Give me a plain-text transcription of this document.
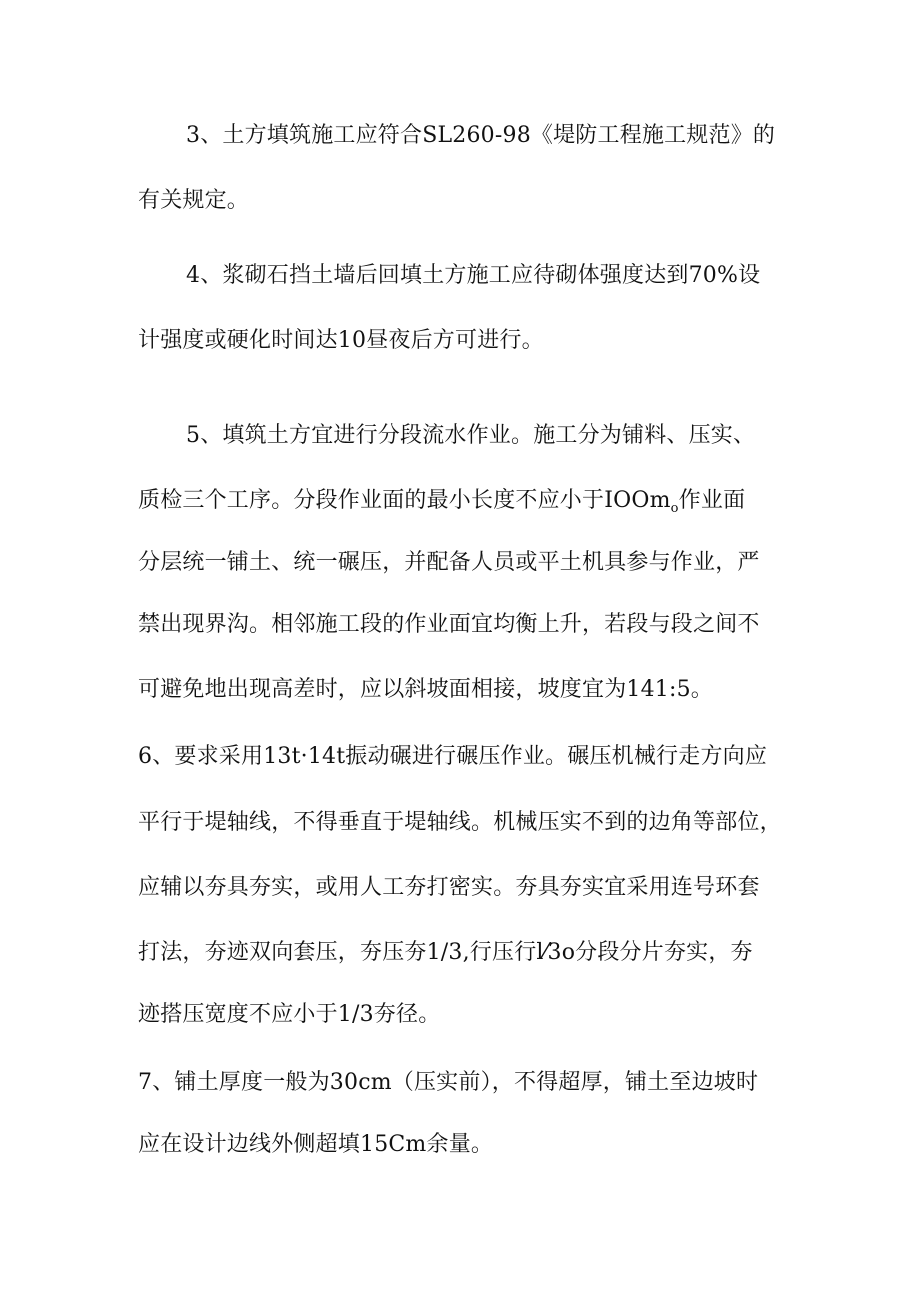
3、土方填筑施工应符合SL260-98《堤防工程施工规范》的
有关规定。
4、浆砌石挡土墙后回填土方施工应待砌体强度达到70%设
计强度或硬化时间达10昼夜后方可进行。
5、填筑土方宜进行分段流水作业。施工分为铺料、压实、
质检三个工序。分段作业面的最小长度不应小于IOOm$_o$作业面
分层统一铺土、统一碾压，并配备人员或平土机具参与作业，严
禁出现界沟。相邻施工段的作业面宜均衡上升，若段与段之间不
可避免地出现高差时，应以斜坡面相接，坡度宜为141:5。
6、要求采用13t·14t振动碾进行碾压作业。碾压机械行走方向应
平行于堤轴线，不得垂直于堤轴线。机械压实不到的边角等部位，
应辅以夯具夯实，或用人工夯打密实。夯具夯实宜采用连号环套
打法，夯迹双向套压，夯压夯1/3,行压行l⁄3o分段分片夯实，夯
迹搭压宽度不应小于1/3夯径。
7、铺土厚度一般为30cm（压实前），不得超厚，铺土至边坡时
应在设计边线外侧超填15Cm余量。
